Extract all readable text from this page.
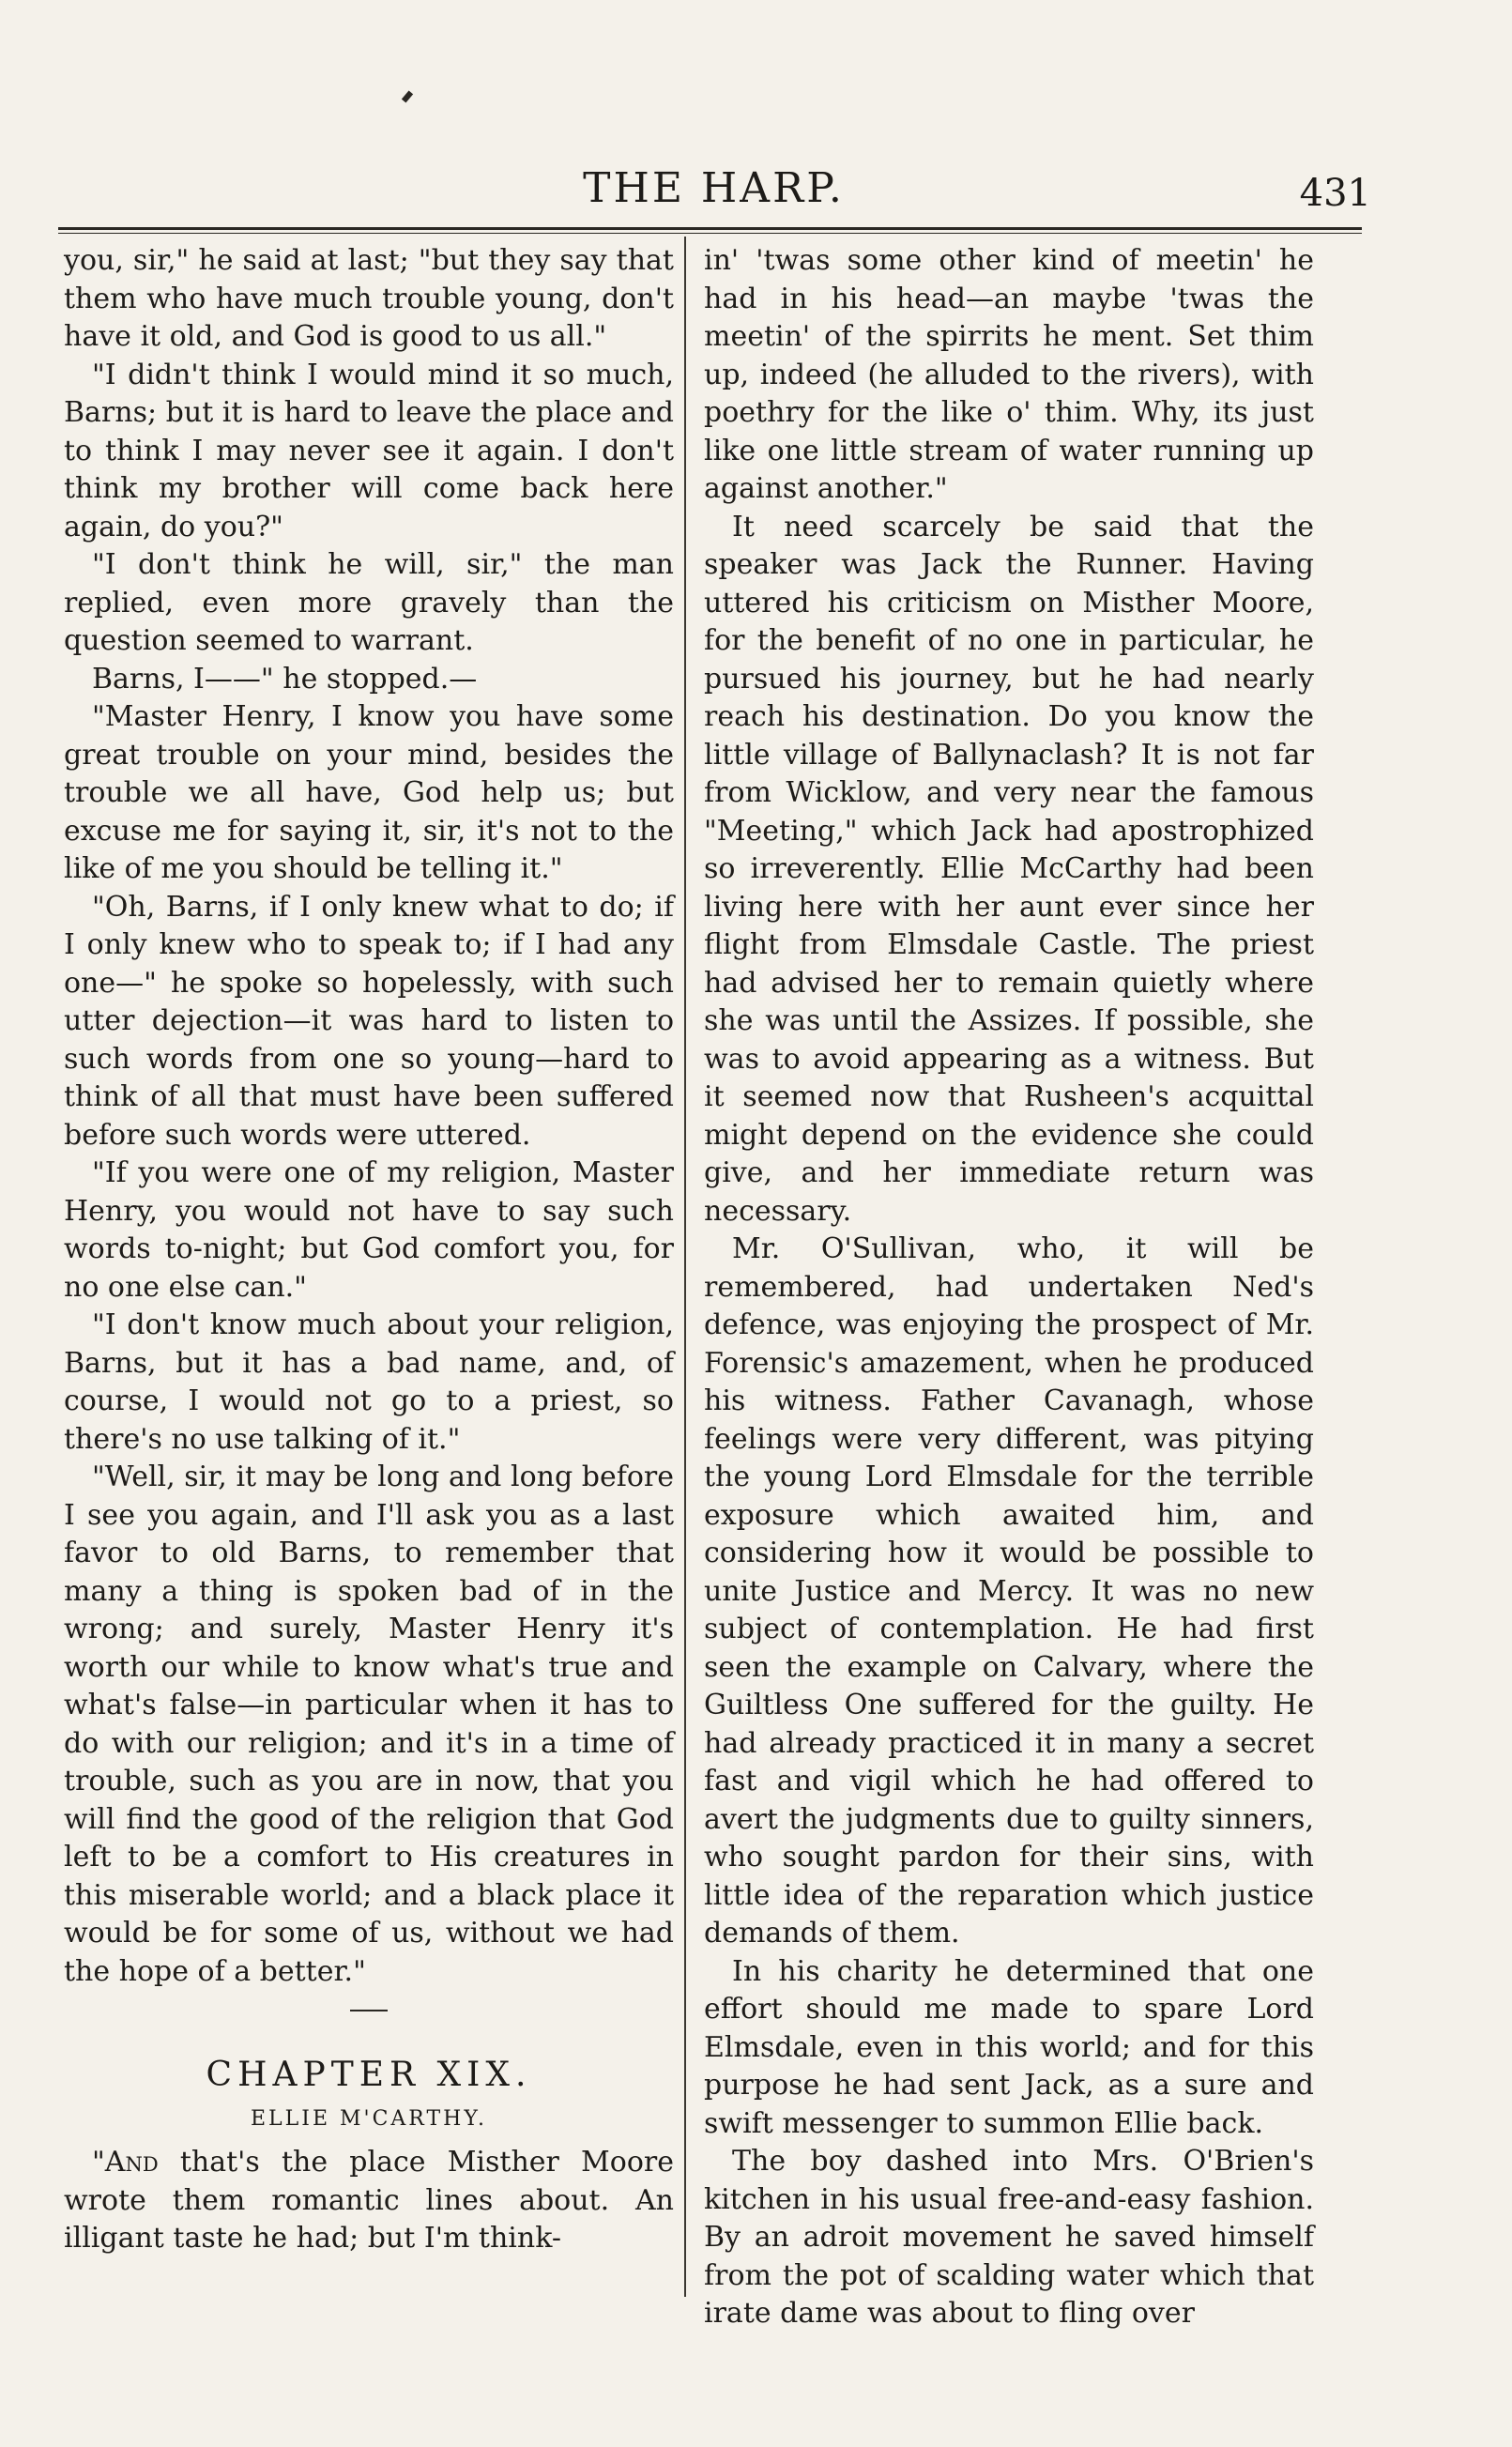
THE HARP.	431

you, sir," he said at last; "but they say that them who have much trouble young, don't have it old, and God is good to us all."

"I didn't think I would mind it so much, Barns; but it is hard to leave the place and to think I may never see it again. I don't think my brother will come back here again, do you?"

"I don't think he will, sir," the man replied, even more gravely than the question seemed to warrant.

Barns, I——" he stopped.—

"Master Henry, I know you have some great trouble on your mind, besides the trouble we all have, God help us; but excuse me for saying it, sir, it's not to the like of me you should be telling it."

"Oh, Barns, if I only knew what to do; if I only knew who to speak to; if I had any one—" he spoke so hopelessly, with such utter dejection—it was hard to listen to such words from one so young—hard to think of all that must have been suffered before such words were uttered.

"If you were one of my religion, Master Henry, you would not have to say such words to-night; but God comfort you, for no one else can."

"I don't know much about your religion, Barns, but it has a bad name, and, of course, I would not go to a priest, so there's no use talking of it."

"Well, sir, it may be long and long before I see you again, and I'll ask you as a last favor to old Barns, to remember that many a thing is spoken bad of in the wrong; and surely, Master Henry it's worth our while to know what's true and what's false—in particular when it has to do with our religion; and it's in a time of trouble, such as you are in now, that you will find the good of the religion that God left to be a comfort to His creatures in this miserable world; and a black place it would be for some of us, without we had the hope of a better."

CHAPTER XIX.
ELLIE M'CARTHY.

"And that's the place Misther Moore wrote them romantic lines about. An illigant taste he had; but I'm think-

in' 'twas some other kind of meetin' he had in his head—an maybe 'twas the meetin' of the spirrits he ment. Set thim up, indeed (he alluded to the rivers), with poethry for the like o' thim. Why, its just like one little stream of water running up against another."

It need scarcely be said that the speaker was Jack the Runner. Having uttered his criticism on Misther Moore, for the benefit of no one in particular, he pursued his journey, but he had nearly reach his destination. Do you know the little village of Ballynaclash? It is not far from Wicklow, and very near the famous "Meeting," which Jack had apostrophized so irreverently. Ellie McCarthy had been living here with her aunt ever since her flight from Elmsdale Castle. The priest had advised her to remain quietly where she was until the Assizes. If possible, she was to avoid appearing as a witness. But it seemed now that Rusheen's acquittal might depend on the evidence she could give, and her immediate return was necessary.

Mr. O'Sullivan, who, it will be remembered, had undertaken Ned's defence, was enjoying the prospect of Mr. Forensic's amazement, when he produced his witness. Father Cavanagh, whose feelings were very different, was pitying the young Lord Elmsdale for the terrible exposure which awaited him, and considering how it would be possible to unite Justice and Mercy. It was no new subject of contemplation. He had first seen the example on Calvary, where the Guiltless One suffered for the guilty. He had already practiced it in many a secret fast and vigil which he had offered to avert the judgments due to guilty sinners, who sought pardon for their sins, with little idea of the reparation which justice demands of them.

In his charity he determined that one effort should me made to spare Lord Elmsdale, even in this world; and for this purpose he had sent Jack, as a sure and swift messenger to summon Ellie back.

The boy dashed into Mrs. O'Brien's kitchen in his usual free-and-easy fashion. By an adroit movement he saved himself from the pot of scalding water which that irate dame was about to fling over
